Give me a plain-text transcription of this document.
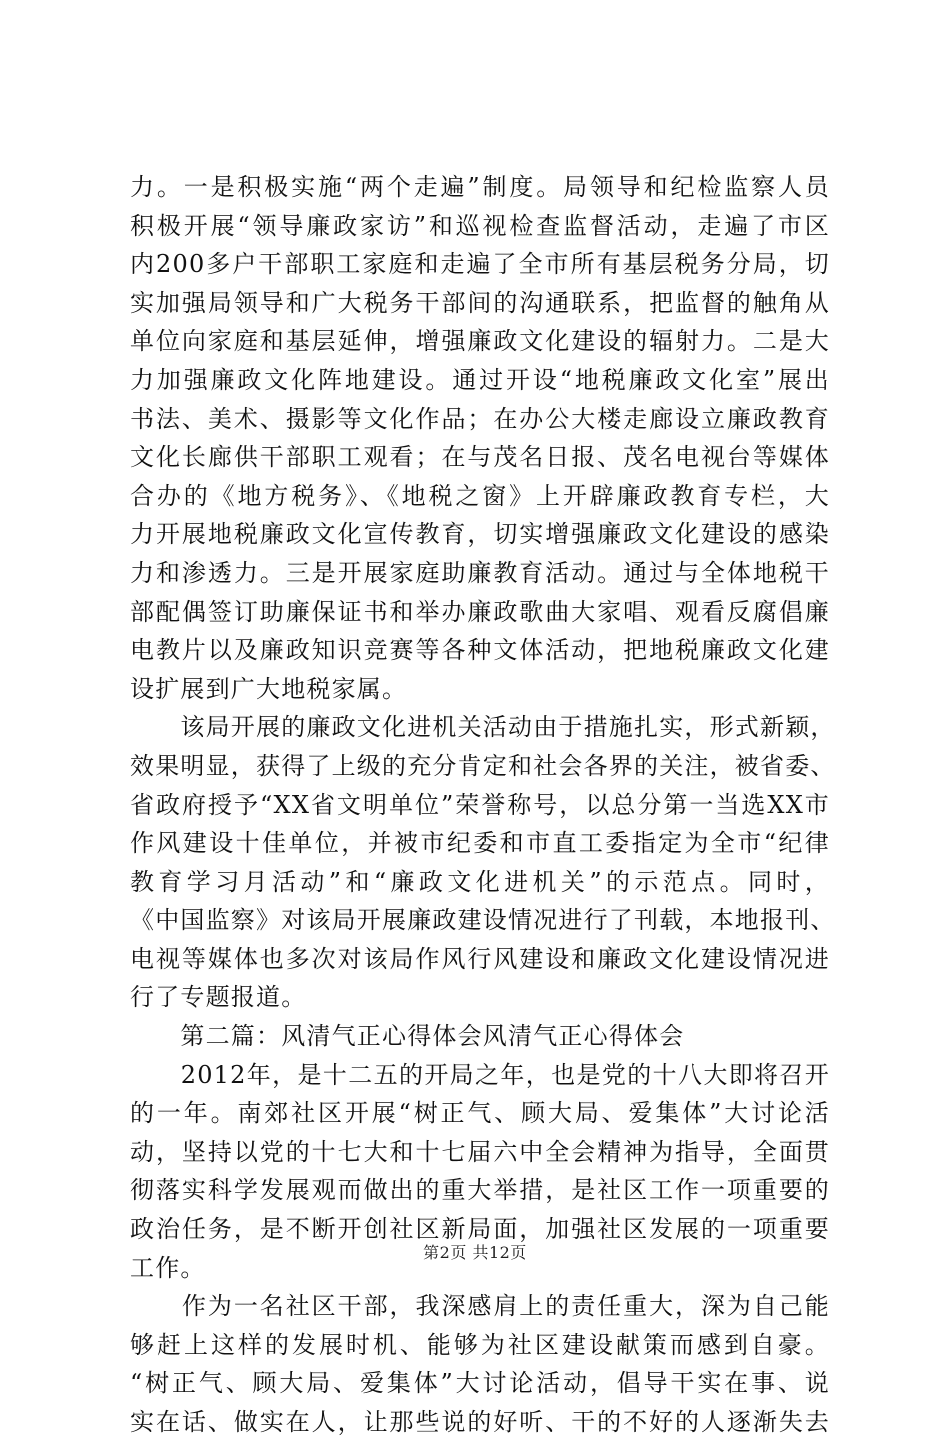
力。一是积极实施“两个走遍”制度。局领导和纪检监察人员
积极开展“领导廉政家访”和巡视检查监督活动，走遍了市区
内200多户干部职工家庭和走遍了全市所有基层税务分局，切
实加强局领导和广大税务干部间的沟通联系，把监督的触角从
单位向家庭和基层延伸，增强廉政文化建设的辐射力。二是大
力加强廉政文化阵地建设。通过开设“地税廉政文化室”展出
书法、美术、摄影等文化作品；在办公大楼走廊设立廉政教育
文化长廊供干部职工观看；在与茂名日报、茂名电视台等媒体
合办的《地方税务》、《地税之窗》上开辟廉政教育专栏，大
力开展地税廉政文化宣传教育，切实增强廉政文化建设的感染
力和渗透力。三是开展家庭助廉教育活动。通过与全体地税干
部配偶签订助廉保证书和举办廉政歌曲大家唱、观看反腐倡廉
电教片以及廉政知识竞赛等各种文体活动，把地税廉政文化建
设扩展到广大地税家属。
　　该局开展的廉政文化进机关活动由于措施扎实，形式新颖，
效果明显，获得了上级的充分肯定和社会各界的关注，被省委、
省政府授予“XX省文明单位”荣誉称号，以总分第一当选XX市
作风建设十佳单位，并被市纪委和市直工委指定为全市“纪律
教育学习月活动”和“廉政文化进机关”的示范点。同时，
《中国监察》对该局开展廉政建设情况进行了刊载，本地报刊、
电视等媒体也多次对该局作风行风建设和廉政文化建设情况进
行了专题报道。
　　第二篇：风清气正心得体会风清气正心得体会
　　2012年，是十二五的开局之年，也是党的十八大即将召开
的一年。南郊社区开展“树正气、顾大局、爱集体”大讨论活
动，坚持以党的十七大和十七届六中全会精神为指导，全面贯
彻落实科学发展观而做出的重大举措，是社区工作一项重要的
政治任务，是不断开创社区新局面，加强社区发展的一项重要
工作。
　　作为一名社区干部，我深感肩上的责任重大，深为自己能
够赶上这样的发展时机、能够为社区建设献策而感到自豪。
“树正气、顾大局、爱集体”大讨论活动，倡导干实在事、说
实在话、做实在人，让那些说的好听、干的不好的人逐渐失去
第2页 共12页
